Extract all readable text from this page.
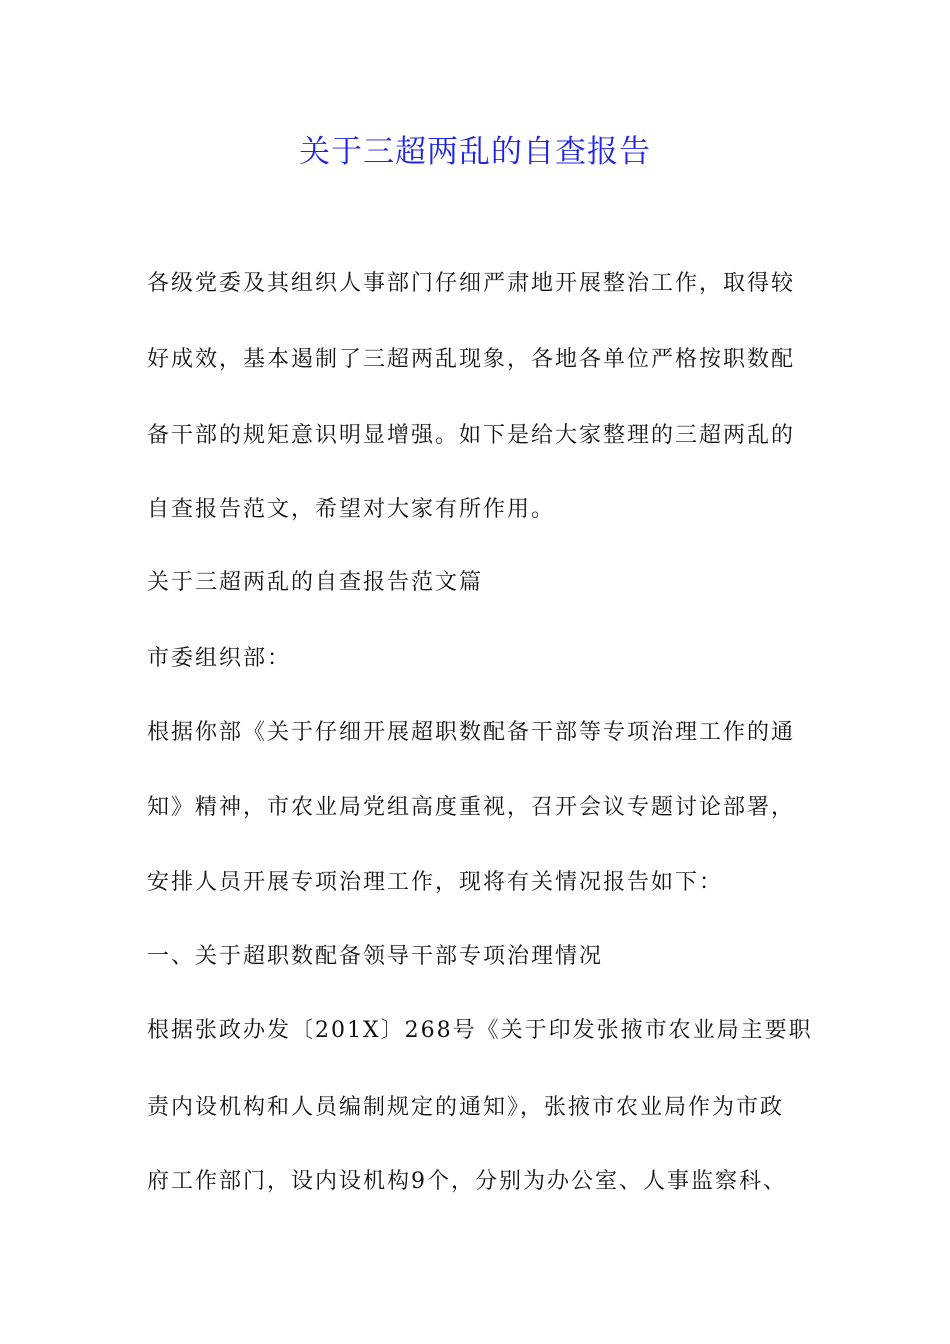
关于三超两乱的自查报告
各级党委及其组织人事部门仔细严肃地开展整治工作，取得较
好成效，基本遏制了三超两乱现象，各地各单位严格按职数配
备干部的规矩意识明显增强。如下是给大家整理的三超两乱的
自查报告范文，希望对大家有所作用。
关于三超两乱的自查报告范文篇
市委组织部：
根据你部《关于仔细开展超职数配备干部等专项治理工作的通
知》精神，市农业局党组高度重视，召开会议专题讨论部署，
安排人员开展专项治理工作，现将有关情况报告如下：
一、关于超职数配备领导干部专项治理情况
根据张政办发〔201X〕268号《关于印发张掖市农业局主要职
责内设机构和人员编制规定的通知》，张掖市农业局作为市政
府工作部门，设内设机构9个，分别为办公室、人事监察科、
